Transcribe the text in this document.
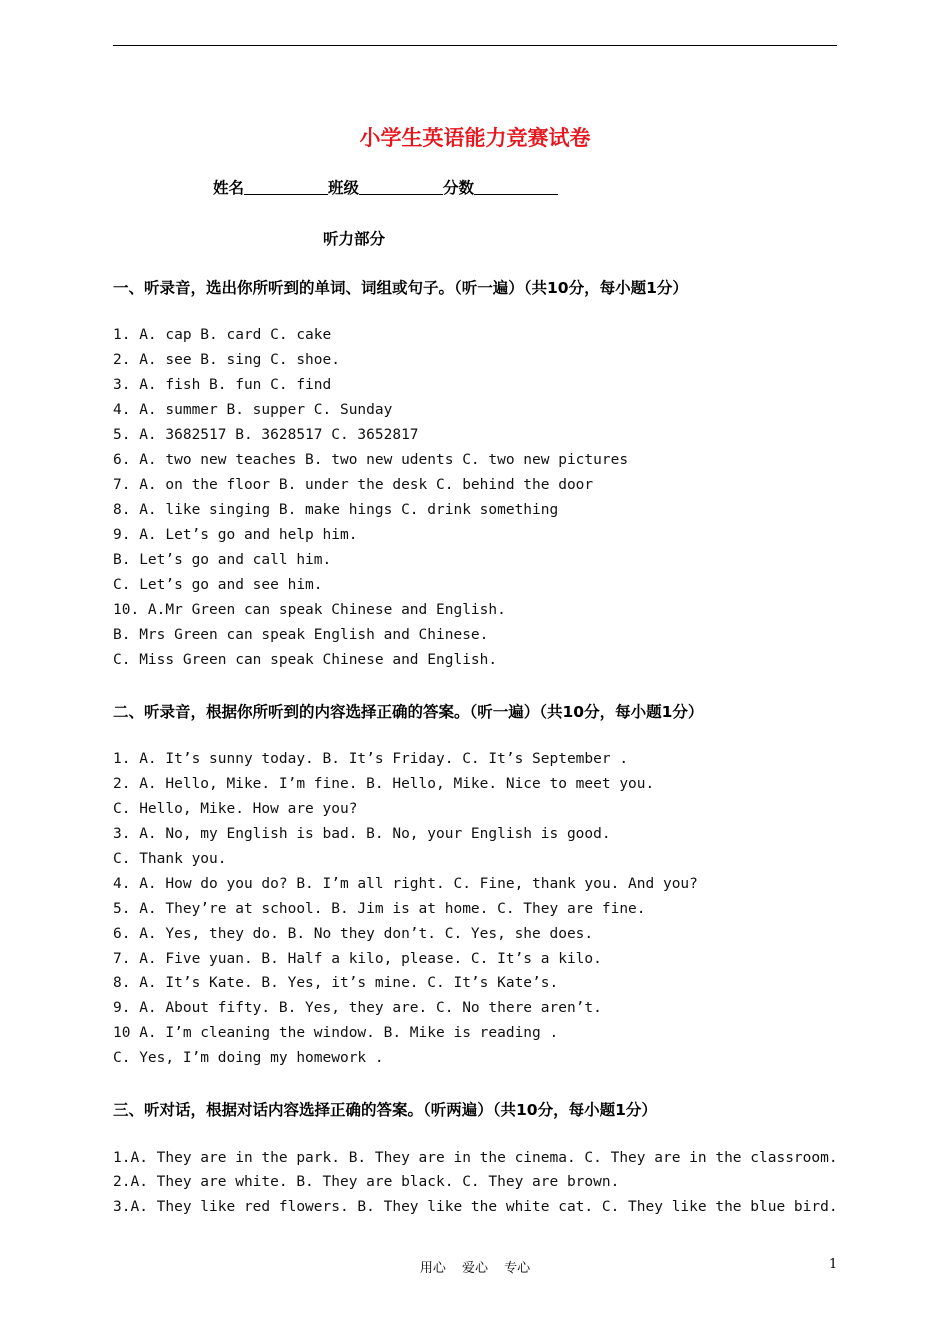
小学生英语能力竞赛试卷
姓名	班级	分数
听力部分
一、听录音，选出你所听到的单词、词组或句子。（听一遍）（共10分，每小题1分）
1. A. cap B. card C. cake
2. A. see B. sing C. shoe.
3. A. fish B. fun C. find
4. A. summer B. supper C. Sunday
5. A. 3682517 B. 3628517 C. 3652817
6. A. two new teaches B. two new udents C. two new pictures
7. A. on the floor B. under the desk C. behind the door
8. A. like singing B. make hings C. drink something
9. A. Let’s go and help him.
B. Let’s go and call him.
C. Let’s go and see him.
10. A.Mr Green can speak Chinese and English.
B. Mrs Green can speak English and Chinese.
C. Miss Green can speak Chinese and English.
二、听录音，根据你所听到的内容选择正确的答案。（听一遍）（共10分，每小题1分）
1. A. It’s sunny today. B. It’s Friday. C. It’s September .
2. A. Hello, Mike. I’m fine. B. Hello, Mike. Nice to meet you.
C. Hello, Mike. How are you?
3. A. No, my English is bad. B. No, your English is good.
C. Thank you.
4. A. How do you do? B. I’m all right. C. Fine, thank you. And you?
5. A. They’re at school. B. Jim is at home. C. They are fine.
6. A. Yes, they do. B. No they don’t. C. Yes, she does.
7. A. Five yuan. B. Half a kilo, please. C. It’s a kilo.
8. A. It’s Kate. B. Yes, it’s mine. C. It’s Kate’s.
9. A. About fifty. B. Yes, they are. C. No there aren’t.
10 A. I’m cleaning the window. B. Mike is reading .
C. Yes, I’m doing my homework .
三、听对话，根据对话内容选择正确的答案。（听两遍）（共10分，每小题1分）
1.A. They are in the park. B. They are in the cinema. C. They are in the classroom.
2.A. They are white. B. They are black. C. They are brown.
3.A. They like red flowers. B. They like the white cat. C. They like the blue bird.
用心 爱心 专心	1
